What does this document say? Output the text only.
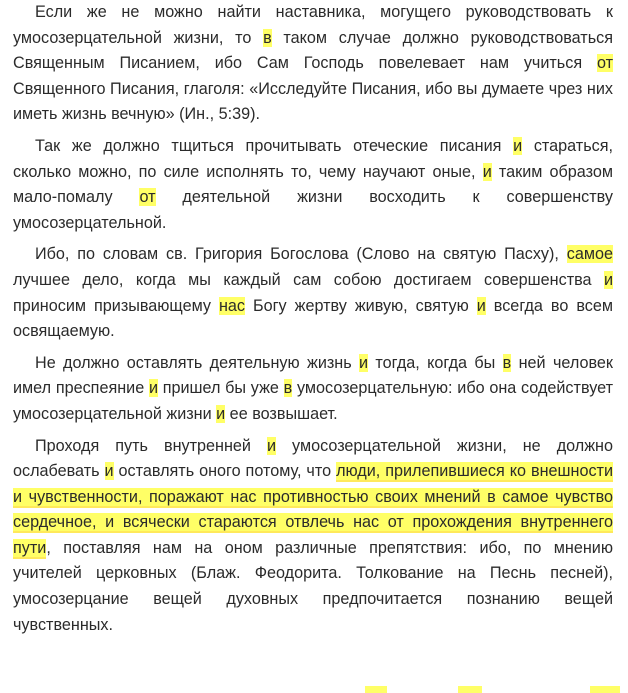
Если же не можно найти наставника, могущего руководствовать к умосозерцательной жизни, то в таком случае должно руководствоваться Священным Писанием, ибо Сам Господь повелевает нам учиться от Священного Писания, глаголя: «Исследуйте Писания, ибо вы думаете чрез них иметь жизнь вечную» (Ин., 5:39).

Так же должно тщиться прочитывать отеческие писания и стараться, сколько можно, по силе исполнять то, чему научают оные, и таким образом мало-помалу от деятельной жизни восходить к совершенству умосозерцательной.

Ибо, по словам св. Григория Богослова (Слово на святую Пасху), самое лучшее дело, когда мы каждый сам собою достигаем совершенства и приносим призывающему нас Богу жертву живую, святую и всегда во всем освящаемую.

Не должно оставлять деятельную жизнь и тогда, когда бы в ней человек имел преспеяние и пришел бы уже в умосозерцательную: ибо она содействует умосозерцательной жизни и ее возвышает.

Проходя путь внутренней и умосозерцательной жизни, не должно ослабевать и оставлять оного потому, что люди, прилепившиеся ко внешности и чувственности, поражают нас противностью своих мнений в самое чувство сердечное, и всячески стараются отвлечь нас от прохождения внутреннего пути, поставляя нам на оном различные препятствия: ибо, по мнению учителей церковных (Блаж. Феодорита. Толкование на Песнь песней), умосозерцание вещей духовных предпочитается познанию вещей чувственных.
